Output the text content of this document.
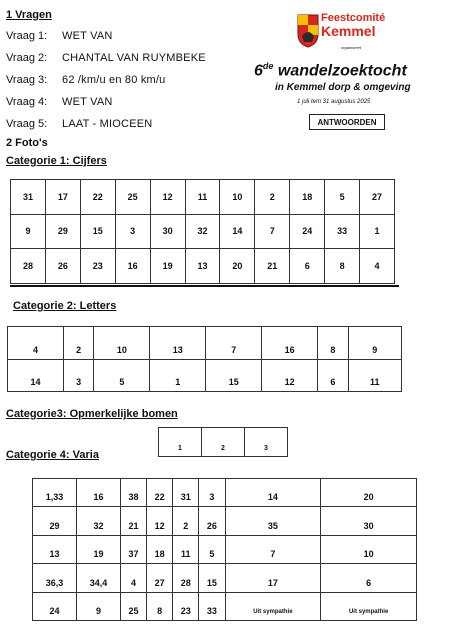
1 Vragen
Vraag 1: WET VAN
Vraag 2: CHANTAL VAN RUYMBEKE
Vraag 3: 62 /km/u en 80 km/u
Vraag 4: WET VAN
Vraag 5: LAAT - MIOCEEN
Feestcomité
Kemmel
organiseert
6de wandelzoektocht
in Kemmel dorp & omgeving
1 juli tem 31 augustus 2025
ANTWOORDEN
2 Foto's
Categorie 1: Cijfers
31	17	22	25	12	11	10	2	18	5	27
9	29	15	3	30	32	14	7	24	33	1
28	26	23	16	19	13	20	21	6	8	4
Categorie 2: Letters
4	2	10	13	7	16	8	9
14	3	5	1	15	12	6	11
Categorie3: Opmerkelijke bomen
1	2	3
Categorie 4: Varia
1,33	16	38	22	31	3	14	20
29	32	21	12	2	26	35	30
13	19	37	18	11	5	7	10
36,3	34,4	4	27	28	15	17	6
24	9	25	8	23	33	Uit sympathie	Uit sympathie
